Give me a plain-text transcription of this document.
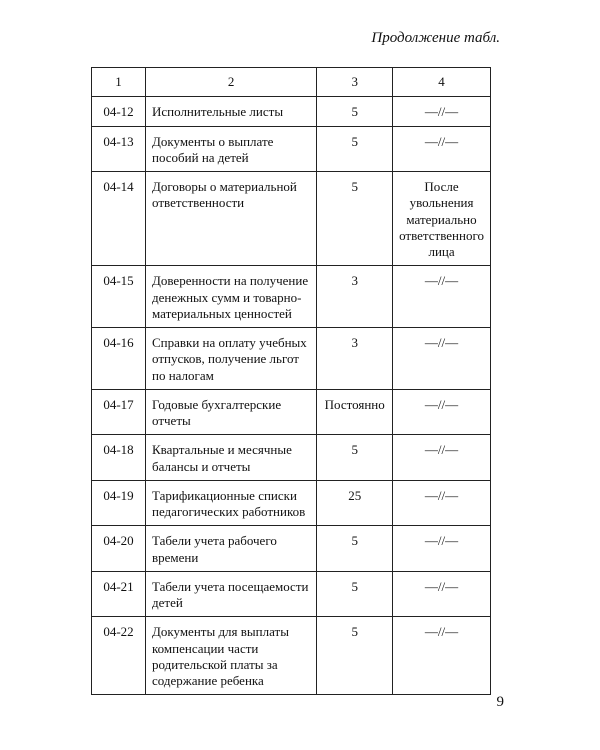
Продолжение табл.
1	2	3	4
04-12	Исполнительные листы	5	—//—
04-13	Документы о выплате пособий на детей	5	—//—
04-14	Договоры о материальной ответственности	5	После увольнения материально ответственного лица
04-15	Доверенности на получение денежных сумм и товарно-материальных ценностей	3	—//—
04-16	Справки на оплату учебных отпусков, получение льгот по налогам	3	—//—
04-17	Годовые бухгалтерские отчеты	Постоянно	—//—
04-18	Квартальные и месячные балансы и отчеты	5	—//—
04-19	Тарификационные списки педагогических работников	25	—//—
04-20	Табели учета рабочего времени	5	—//—
04-21	Табели учета посещаемости детей	5	—//—
04-22	Документы для выплаты компенсации части родительской платы за содержание ребенка	5	—//—
9
